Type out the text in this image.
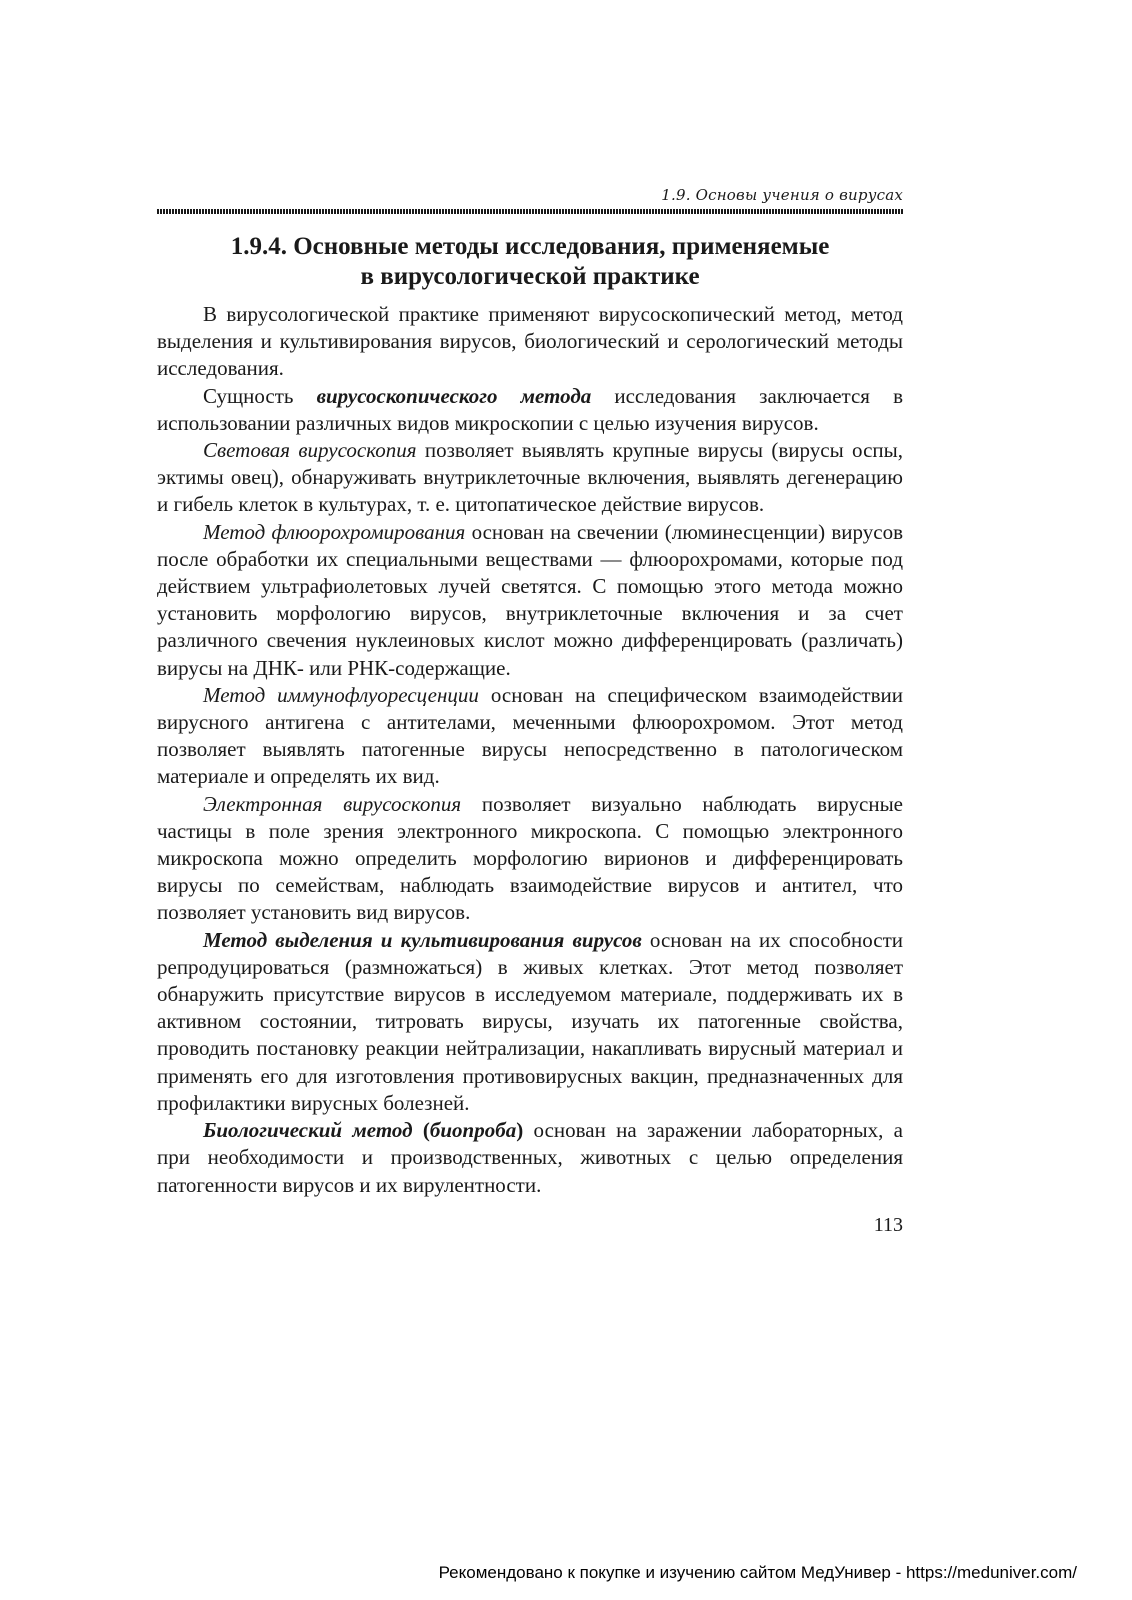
1.9. Основы учения о вирусах
1.9.4. Основные методы исследования, применяемые
в вирусологической практике

В вирусологической практике применяют вирусоскопический метод, метод выделения и культивирования вирусов, биологический и серологический методы исследования.

Сущность вирусоскопического метода исследования заключается в использовании различных видов микроскопии с целью изучения вирусов.

Световая вирусоскопия позволяет выявлять крупные вирусы (вирусы оспы, эктимы овец), обнаруживать внутриклеточные включения, выявлять дегенерацию и гибель клеток в культурах, т. е. цитопатическое действие вирусов.

Метод флюорохромирования основан на свечении (люминесценции) вирусов после обработки их специальными веществами — флюорохромами, которые под действием ультрафиолетовых лучей светятся. С помощью этого метода можно установить морфологию вирусов, внутриклеточные включения и за счет различного свечения нуклеиновых кислот можно дифференцировать (различать) вирусы на ДНК- или РНК-содержащие.

Метод иммунофлуоресценции основан на специфическом взаимодействии вирусного антигена с антителами, меченными флюорохромом. Этот метод позволяет выявлять патогенные вирусы непосредственно в патологическом материале и определять их вид.

Электронная вирусоскопия позволяет визуально наблюдать вирусные частицы в поле зрения электронного микроскопа. С помощью электронного микроскопа можно определить морфологию вирионов и дифференцировать вирусы по семействам, наблюдать взаимодействие вирусов и антител, что позволяет установить вид вирусов.

Метод выделения и культивирования вирусов основан на их способности репродуцироваться (размножаться) в живых клетках. Этот метод позволяет обнаружить присутствие вирусов в исследуемом материале, поддерживать их в активном состоянии, титровать вирусы, изучать их патогенные свойства, проводить постановку реакции нейтрализации, накапливать вирусный материал и применять его для изготовления противовирусных вакцин, предназначенных для профилактики вирусных болезней.

Биологический метод (биопроба) основан на заражении лабораторных, а при необходимости и производственных, животных с целью определения патогенности вирусов и их вирулентности.

113
Рекомендовано к покупке и изучению сайтом МедУнивер - https://meduniver.com/
